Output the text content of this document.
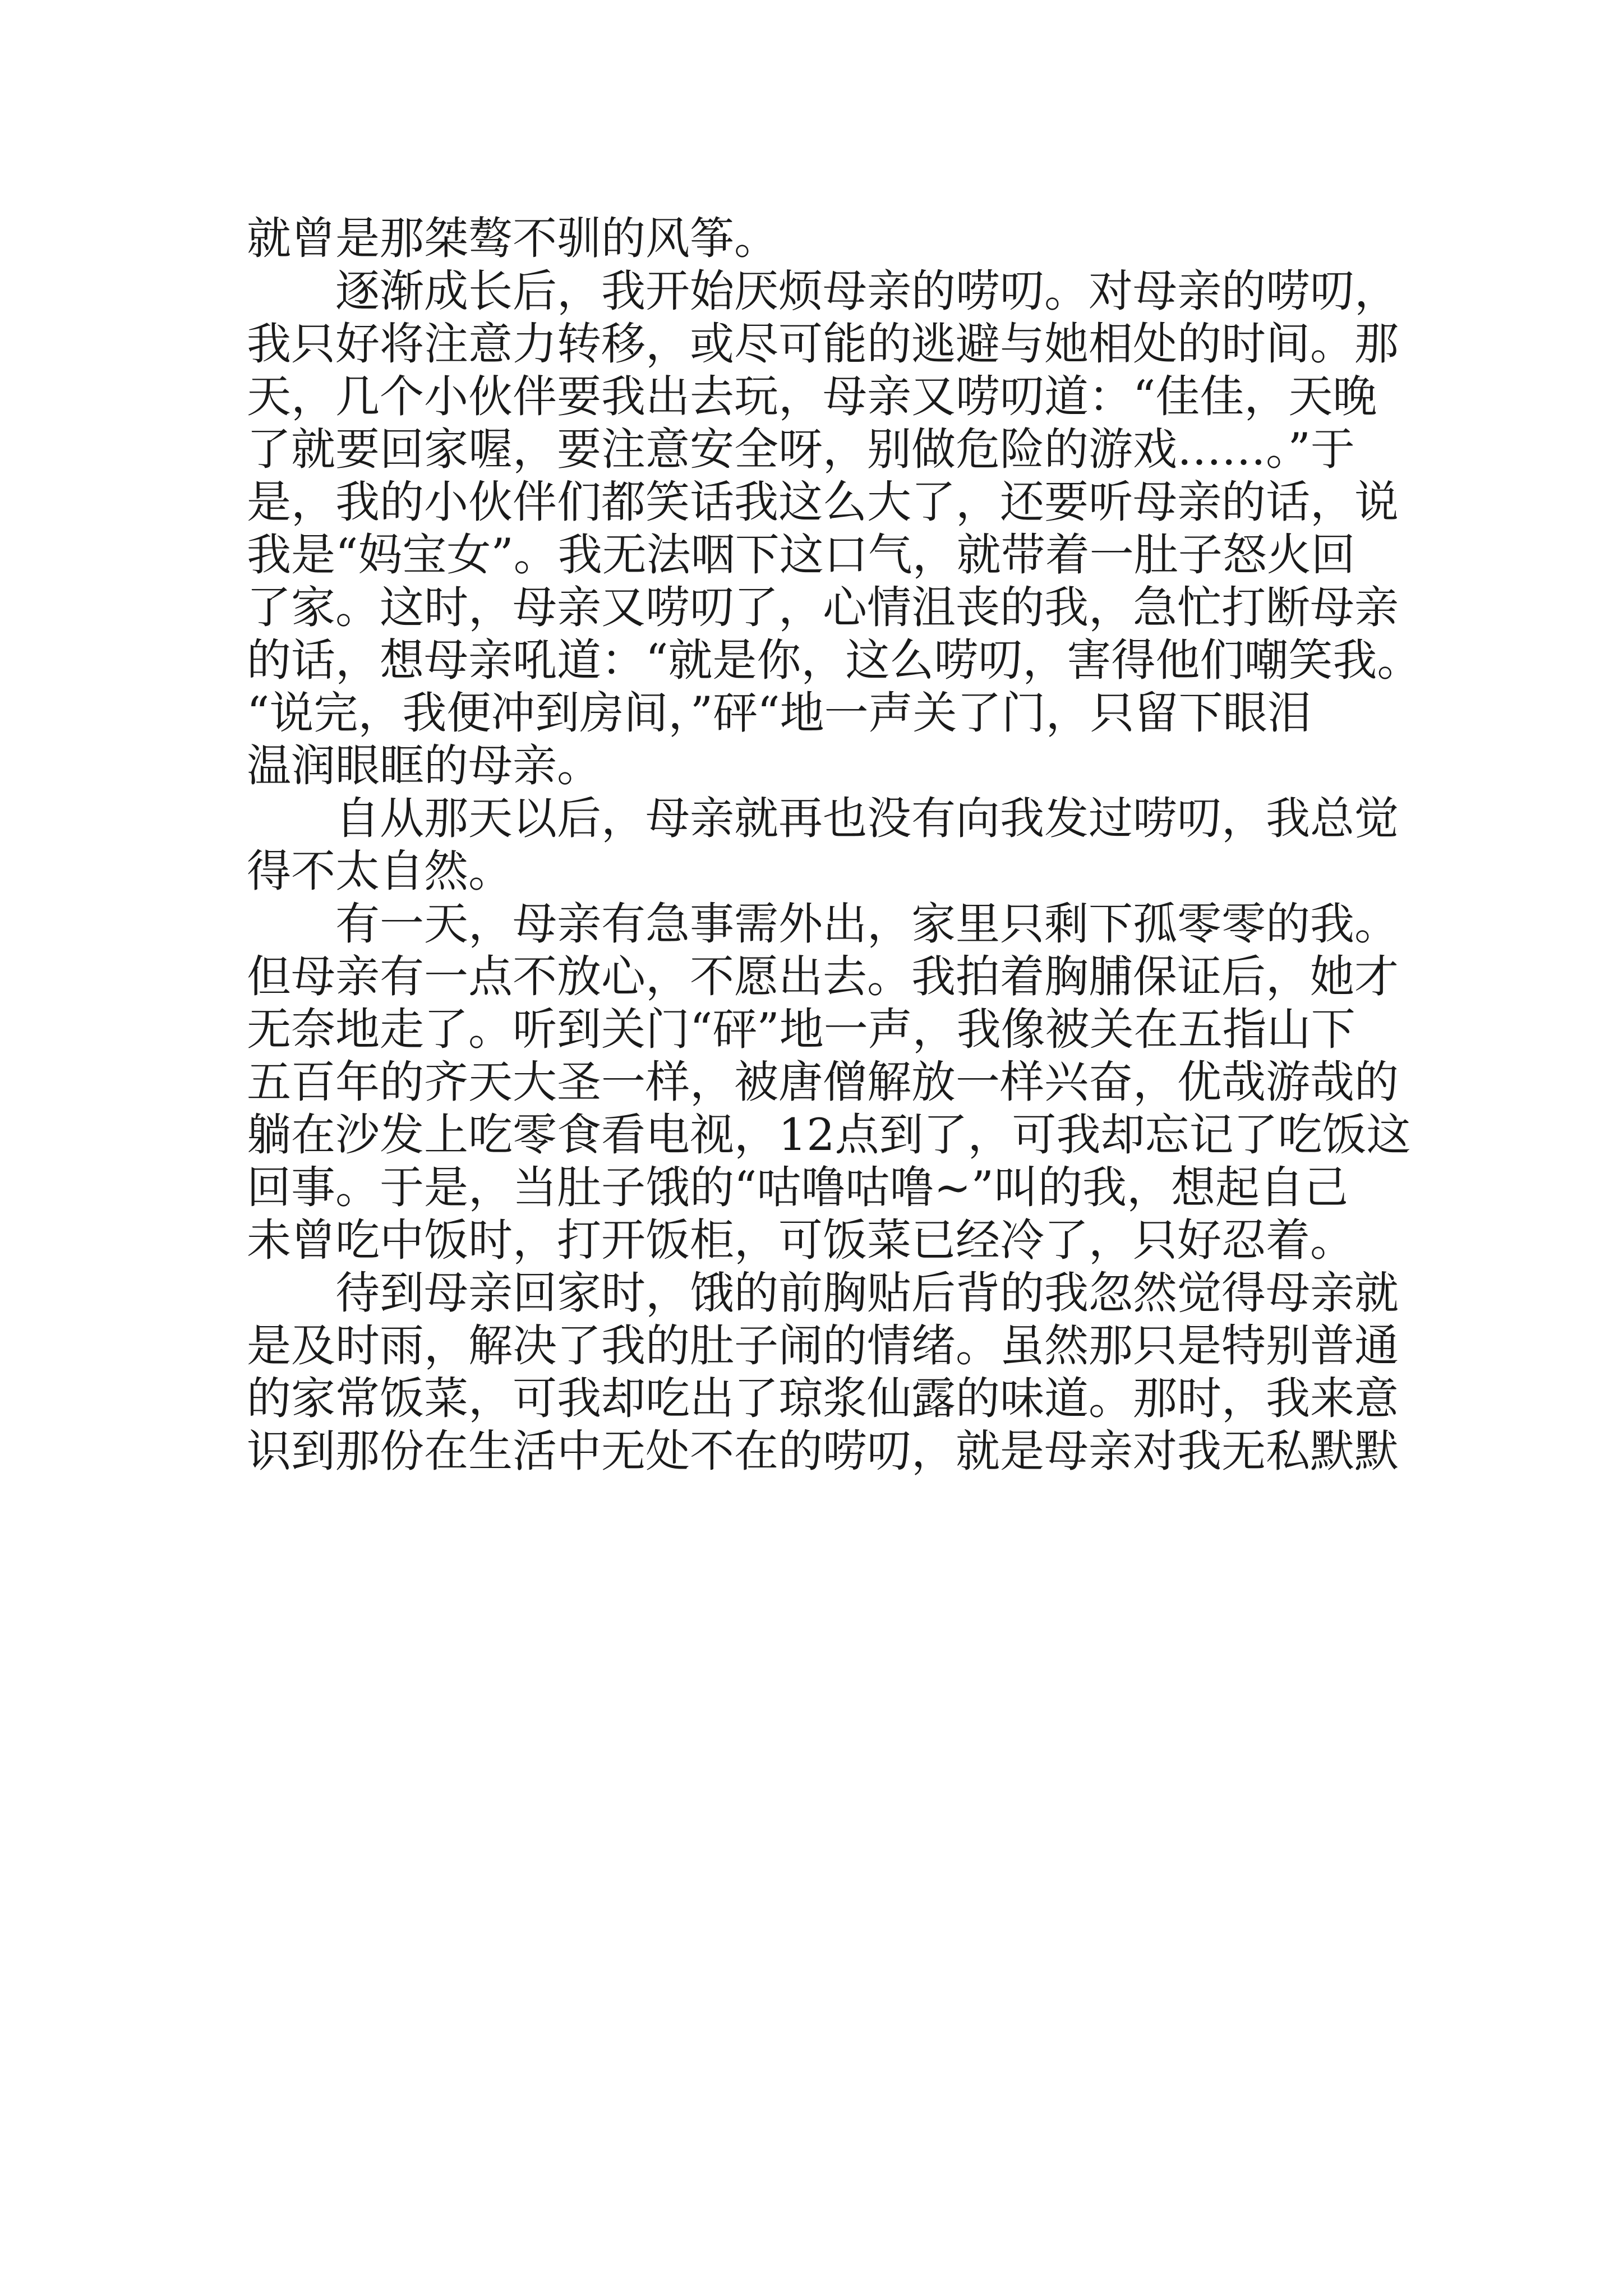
就曾是那桀骜不驯的风筝。

　　逐渐成长后，我开始厌烦母亲的唠叨。对母亲的唠叨，

我只好将注意力转移，或尽可能的逃避与她相处的时间。那

天，几个小伙伴要我出去玩，母亲又唠叨道：“佳佳，天晚

了就要回家喔，要注意安全呀，别做危险的游戏……。”于

是，我的小伙伴们都笑话我这么大了，还要听母亲的话，说

我是“妈宝女”。我无法咽下这口气，就带着一肚子怒火回

了家。这时，母亲又唠叨了，心情沮丧的我，急忙打断母亲

的话，想母亲吼道：“就是你，这么唠叨，害得他们嘲笑我。

“说完，我便冲到房间，”砰“地一声关了门，只留下眼泪

温润眼眶的母亲。

　　自从那天以后，母亲就再也没有向我发过唠叨，我总觉

得不太自然。

　　有一天，母亲有急事需外出，家里只剩下孤零零的我。

但母亲有一点不放心，不愿出去。我拍着胸脯保证后，她才

无奈地走了。听到关门“砰”地一声，我像被关在五指山下

五百年的齐天大圣一样，被唐僧解放一样兴奋，优哉游哉的

躺在沙发上吃零食看电视，12点到了，可我却忘记了吃饭这

回事。于是，当肚子饿的“咕噜咕噜~”叫的我，想起自己

未曾吃中饭时，打开饭柜，可饭菜已经冷了，只好忍着。

　　待到母亲回家时，饿的前胸贴后背的我忽然觉得母亲就

是及时雨，解决了我的肚子闹的情绪。虽然那只是特别普通

的家常饭菜，可我却吃出了琼浆仙露的味道。那时，我来意

识到那份在生活中无处不在的唠叨，就是母亲对我无私默默
